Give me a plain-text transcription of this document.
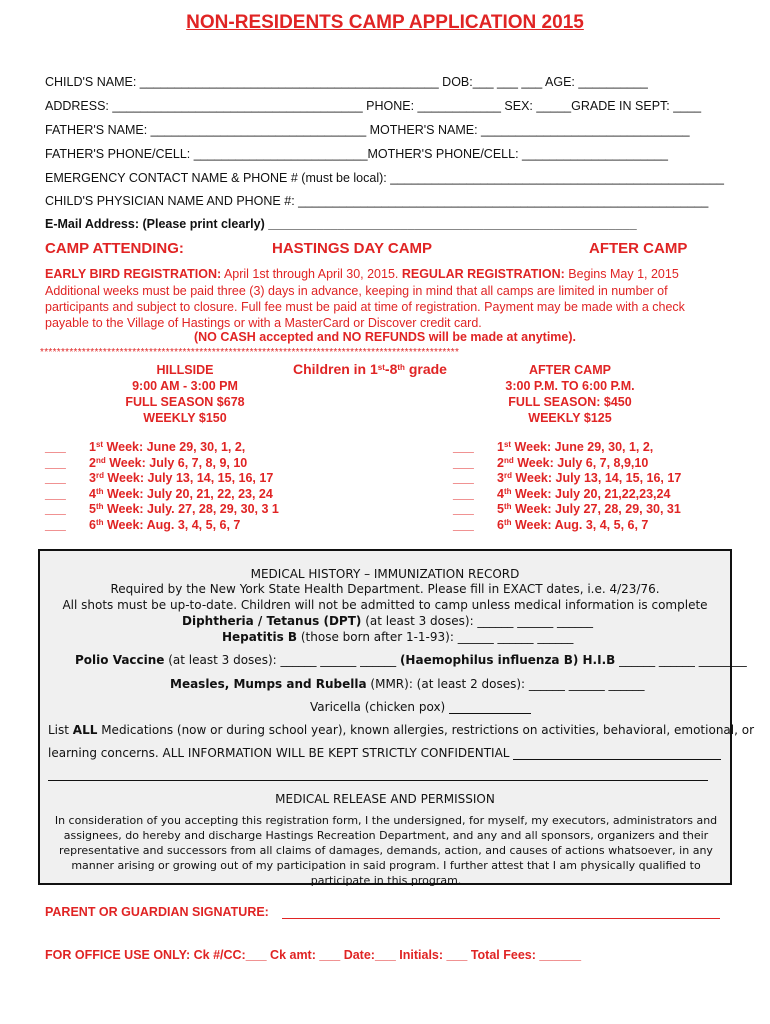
NON-RESIDENTS CAMP APPLICATION 2015
CHILD'S NAME: ___________________________________________ DOB:___ ___ ___ AGE: __________
ADDRESS: ____________________________________ PHONE: ____________ SEX: _____GRADE IN SEPT: ____
FATHER'S NAME: _______________________________ MOTHER'S NAME: ______________________________
FATHER'S PHONE/CELL: _________________________MOTHER'S PHONE/CELL: _____________________
EMERGENCY CONTACT NAME & PHONE # (must be local): ________________________________________________
CHILD'S PHYSICIAN NAME AND PHONE #: ___________________________________________________________
E-Mail Address: (Please print clearly) _____________________________________________________
CAMP ATTENDING:	HASTINGS DAY CAMP	AFTER CAMP
EARLY BIRD REGISTRATION: April 1st through April 30, 2015. REGULAR REGISTRATION: Begins May 1, 2015
Additional weeks must be paid three (3) days in advance, keeping in mind that all camps are limited in number of participants and subject to closure. Full fee must be paid at time of registration. Payment may be made with a check payable to the Village of Hastings or with a MasterCard or Discover credit card.
(NO CASH accepted and NO REFUNDS will be made at anytime).
****************************************************************************************************
HILLSIDE
9:00 AM - 3:00 PM
FULL SEASON $678
WEEKLY $150
Children in 1st-8th grade	AFTER CAMP
3:00 P.M. TO 6:00 P.M.
FULL SEASON: $450
WEEKLY $125
___ 1st Week: June 29, 30, 1, 2,
___ 2nd Week: July 6, 7, 8, 9, 10
___ 3rd Week: July 13, 14, 15, 16, 17
___ 4th Week: July 20, 21, 22, 23, 24
___ 5th Week: July. 27, 28, 29, 30, 3 1
___ 6th Week: Aug. 3, 4, 5, 6, 7
___ 1st Week: June 29, 30, 1, 2,
___ 2nd Week: July 6, 7, 8,9,10
___ 3rd Week: July 13, 14, 15, 16, 17
___ 4th Week: July 20, 21,22,23,24
___ 5th Week: July 27, 28, 29, 30, 31
___ 6th Week: Aug. 3, 4, 5, 6, 7
MEDICAL HISTORY – IMMUNIZATION RECORD
Required by the New York State Health Department. Please fill in EXACT dates, i.e. 4/23/76.
All shots must be up-to-date. Children will not be admitted to camp unless medical information is complete
Diphtheria / Tetanus (DPT) (at least 3 doses): ______ ______ ______
Hepatitis B (those born after 1-1-93): ______ ______ ______
Polio Vaccine (at least 3 doses): ______ ______ ______ (Haemophilus influenza B) H.I.B ______ ______ ________
Measles, Mumps and Rubella (MMR): (at least 2 doses): ______ ______ ______
Varicella (chicken pox)
List ALL Medications (now or during school year), known allergies, restrictions on activities, behavioral, emotional, or
learning concerns. ALL INFORMATION WILL BE KEPT STRICTLY CONFIDENTIAL
MEDICAL RELEASE AND PERMISSION
In consideration of you accepting this registration form, I the undersigned, for myself, my executors, administrators and assignees, do hereby and discharge Hastings Recreation Department, and any and all sponsors, organizers and their representative and successors from all claims of damages, demands, action, and causes of actions whatsoever, in any manner arising or growing out of my participation in said program. I further attest that I am physically qualified to participate in this program.
PARENT OR GUARDIAN SIGNATURE:
FOR OFFICE USE ONLY: Ck #/CC:___ Ck amt: ___ Date:___ Initials: ___ Total Fees: ______
